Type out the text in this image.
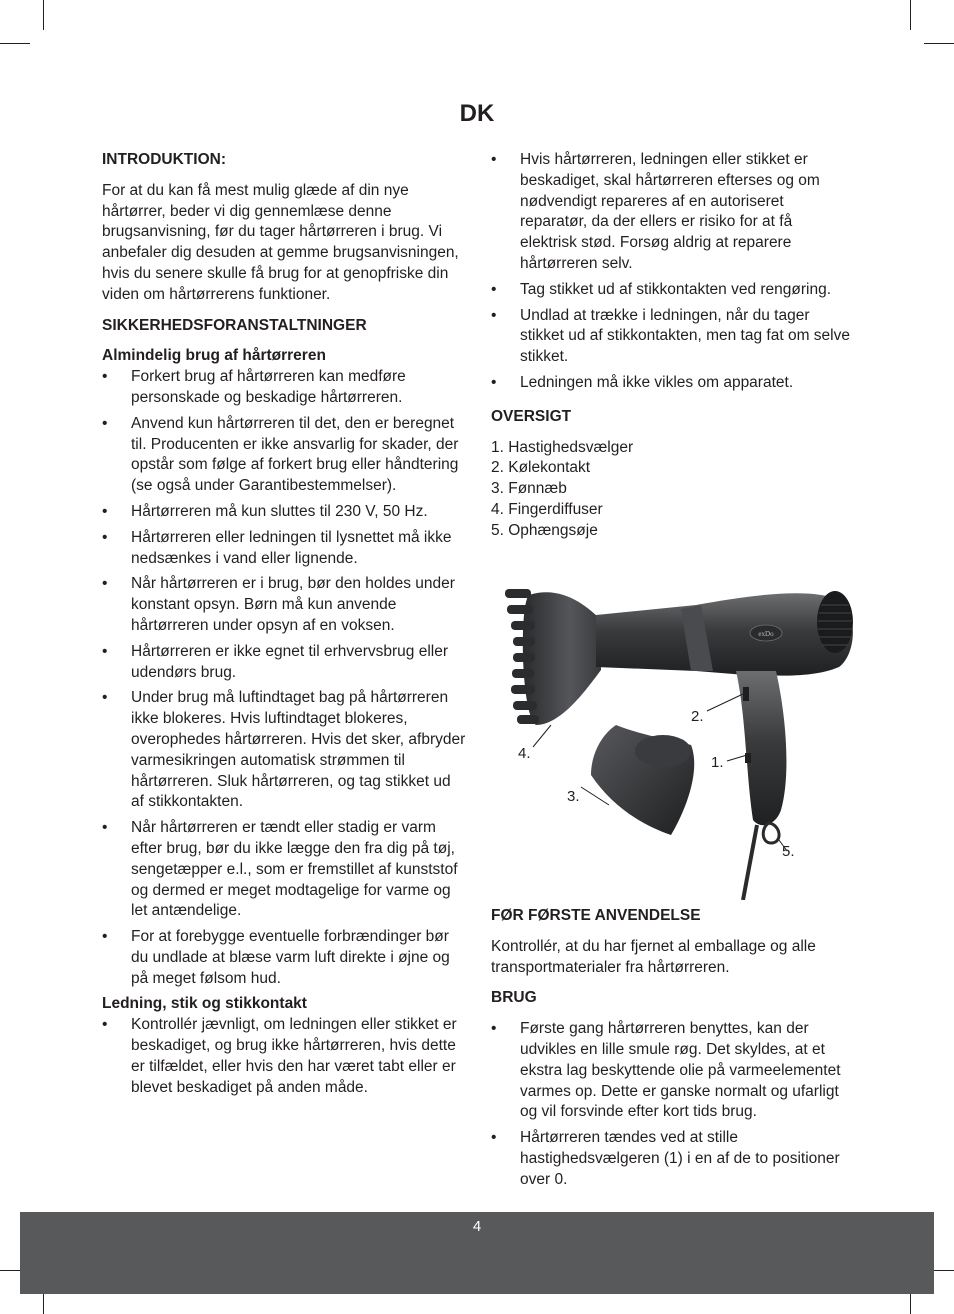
DK

INTRODUKTION:

For at du kan få mest mulig glæde af din nye hårtørrer, beder vi dig gennemlæse denne brugsanvisning, før du tager hårtørreren i brug. Vi anbefaler dig desuden at gemme brugsanvisningen, hvis du senere skulle få brug for at genopfriske din viden om hårtørrerens funktioner.

SIKKERHEDSFORANSTALTNINGER

Almindelig brug af hårtørreren

• Forkert brug af hårtørreren kan medføre personskade og beskadige hårtørreren.
• Anvend kun hårtørreren til det, den er beregnet til. Producenten er ikke ansvarlig for skader, der opstår som følge af forkert brug eller håndtering (se også under Garantibestemmelser).
• Hårtørreren må kun sluttes til 230 V, 50 Hz.
• Hårtørreren eller ledningen til lysnettet må ikke nedsænkes i vand eller lignende.
• Når hårtørreren er i brug, bør den holdes under konstant opsyn. Børn må kun anvende hårtørreren under opsyn af en voksen.
• Hårtørreren er ikke egnet til erhvervsbrug eller udendørs brug.
• Under brug må luftindtaget bag på hårtørreren ikke blokeres. Hvis luftindtaget blokeres, overophedes hårtørreren. Hvis det sker, afbryder varmesikringen automatisk strømmen til hårtørreren. Sluk hårtørreren, og tag stikket ud af stikkontakten.
• Når hårtørreren er tændt eller stadig er varm efter brug, bør du ikke lægge den fra dig på tøj, sengetæpper e.l., som er fremstillet af kunststof og dermed er meget modtagelige for varme og let antændelige.
• For at forebygge eventuelle forbrændinger bør du undlade at blæse varm luft direkte i øjne og på meget følsom hud.

Ledning, stik og stikkontakt

• Kontrollér jævnligt, om ledningen eller stikket er beskadiget, og brug ikke hårtørreren, hvis dette er tilfældet, eller hvis den har været tabt eller er blevet beskadiget på anden måde.
• Hvis hårtørreren, ledningen eller stikket er beskadiget, skal hårtørreren efterses og om nødvendigt repareres af en autoriseret reparatør, da der ellers er risiko for at få elektrisk stød. Forsøg aldrig at reparere hårtørreren selv.
• Tag stikket ud af stikkontakten ved rengøring.
• Undlad at trække i ledningen, når du tager stikket ud af stikkontakten, men tag fat om selve stikket.
• Ledningen må ikke vikles om apparatet.

OVERSIGT

1. Hastighedsvælger
2. Kølekontakt
3. Fønnæb
4. Fingerdiffuser
5. Ophængsøje
exDo
2.
1.
3.
4.
5.

FØR FØRSTE ANVENDELSE

Kontrollér, at du har fjernet al emballage og alle transportmaterialer fra hårtørreren.

BRUG

• Første gang hårtørreren benyttes, kan der udvikles en lille smule røg. Det skyldes, at et ekstra lag beskyttende olie på varmeelementet varmes op. Dette er ganske normalt og ufarligt og vil forsvinde efter kort tids brug.
• Hårtørreren tændes ved at stille hastighedsvælgeren (1) i en af de to positioner over 0.
4
